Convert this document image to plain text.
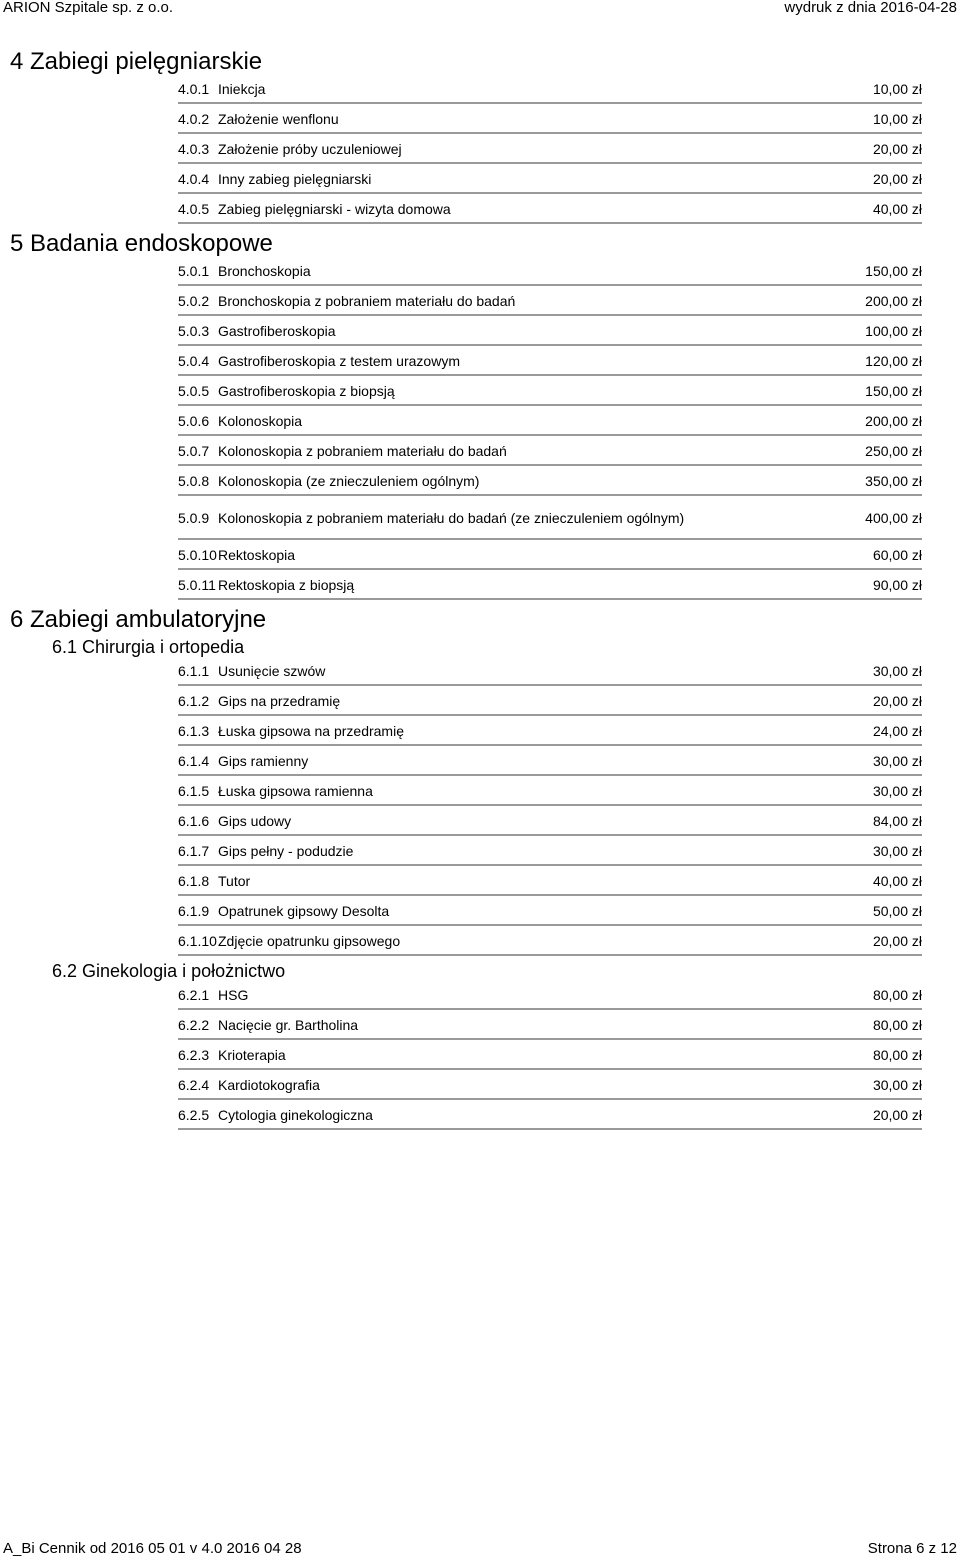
ARION Szpitale sp. z o.o.	wydruk z dnia 2016-04-28
4 Zabiegi pielęgniarskie
4.0.1 Iniekcja	10,00 zł
4.0.2 Założenie wenflonu	10,00 zł
4.0.3 Założenie próby uczuleniowej	20,00 zł
4.0.4 Inny zabieg pielęgniarski	20,00 zł
4.0.5 Zabieg pielęgniarski - wizyta domowa	40,00 zł
5 Badania endoskopowe
5.0.1 Bronchoskopia	150,00 zł
5.0.2 Bronchoskopia z pobraniem materiału do badań	200,00 zł
5.0.3 Gastrofiberoskopia	100,00 zł
5.0.4 Gastrofiberoskopia z testem urazowym	120,00 zł
5.0.5 Gastrofiberoskopia z biopsją	150,00 zł
5.0.6 Kolonoskopia	200,00 zł
5.0.7 Kolonoskopia z pobraniem materiału do badań	250,00 zł
5.0.8 Kolonoskopia (ze znieczuleniem ogólnym)	350,00 zł
5.0.9 Kolonoskopia z pobraniem materiału do badań (ze znieczuleniem ogólnym)	400,00 zł
5.0.10 Rektoskopia	60,00 zł
5.0.11 Rektoskopia z biopsją	90,00 zł
6 Zabiegi ambulatoryjne
6.1 Chirurgia i ortopedia
6.1.1 Usunięcie szwów	30,00 zł
6.1.2 Gips na przedramię	20,00 zł
6.1.3 Łuska gipsowa na przedramię	24,00 zł
6.1.4 Gips ramienny	30,00 zł
6.1.5 Łuska gipsowa ramienna	30,00 zł
6.1.6 Gips udowy	84,00 zł
6.1.7 Gips pełny - podudzie	30,00 zł
6.1.8 Tutor	40,00 zł
6.1.9 Opatrunek gipsowy Desolta	50,00 zł
6.1.10 Zdjęcie opatrunku gipsowego	20,00 zł
6.2 Ginekologia i położnictwo
6.2.1 HSG	80,00 zł
6.2.2 Nacięcie gr. Bartholina	80,00 zł
6.2.3 Krioterapia	80,00 zł
6.2.4 Kardiotokografia	30,00 zł
6.2.5 Cytologia ginekologiczna	20,00 zł
A_Bi Cennik od 2016 05 01 v 4.0 2016 04 28	Strona 6 z 12
